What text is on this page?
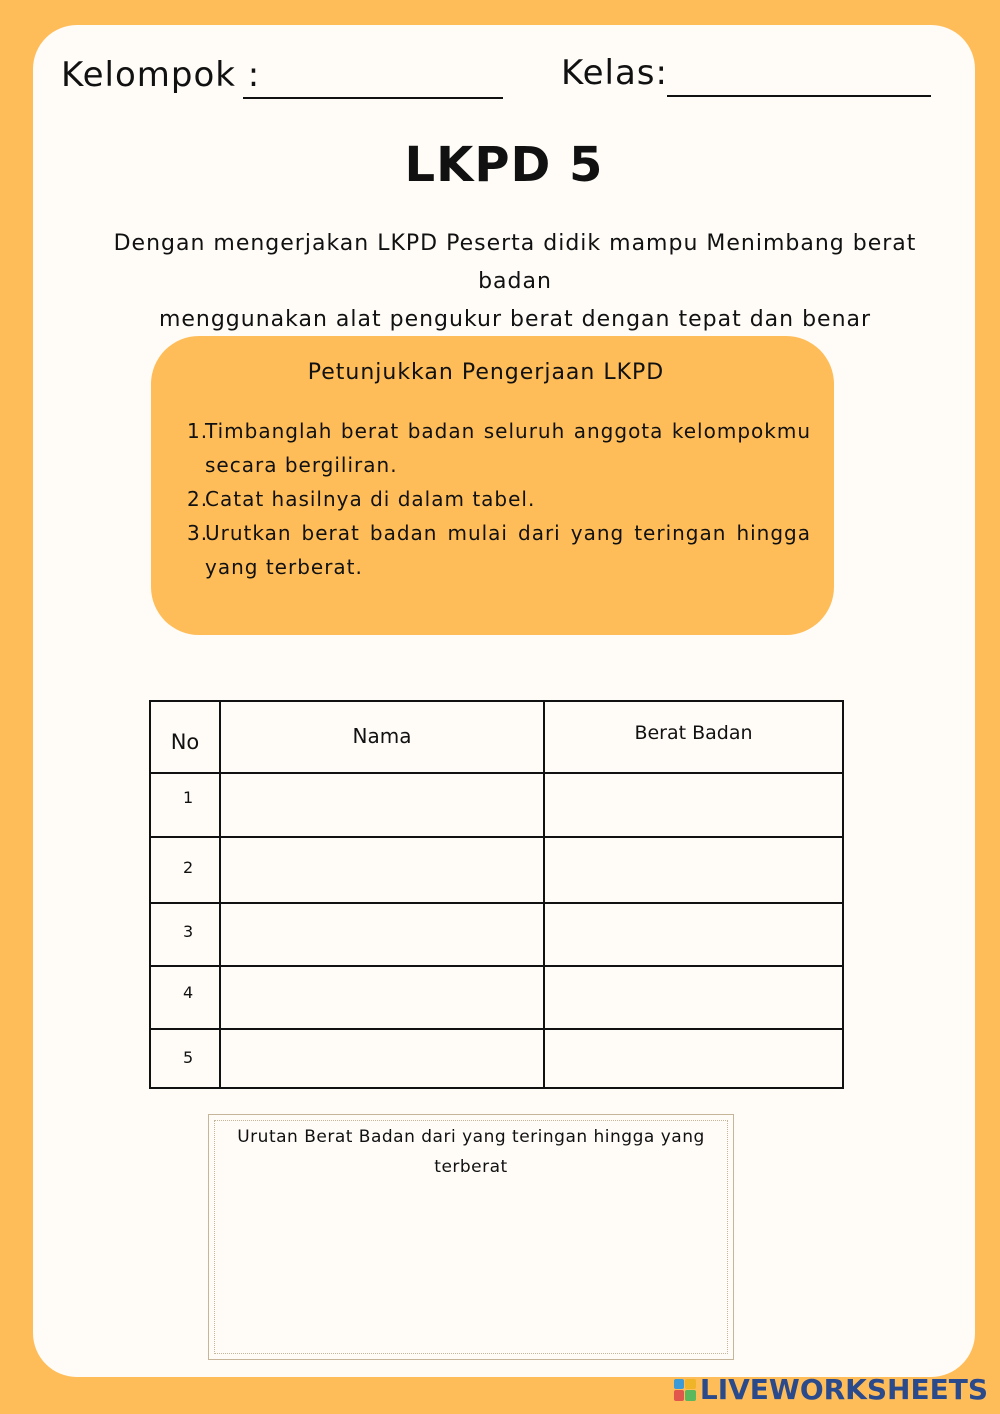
Kelompok :	Kelas:
LKPD 5
Dengan mengerjakan LKPD Peserta didik mampu Menimbang berat badan
menggunakan alat pengukur berat dengan tepat dan benar
Petunjukkan Pengerjaan LKPD
1.
Timbanglah berat badan seluruh anggota kelompokmu secara bergiliran.
2.
Catat hasilnya di dalam tabel.
3.
Urutkan berat badan mulai dari yang teringan hingga yang terberat.
No	Nama	Berat Badan
1
2
3
4
5
Urutan Berat Badan dari yang teringan hingga yang terberat
LIVEWORKSHEETS
